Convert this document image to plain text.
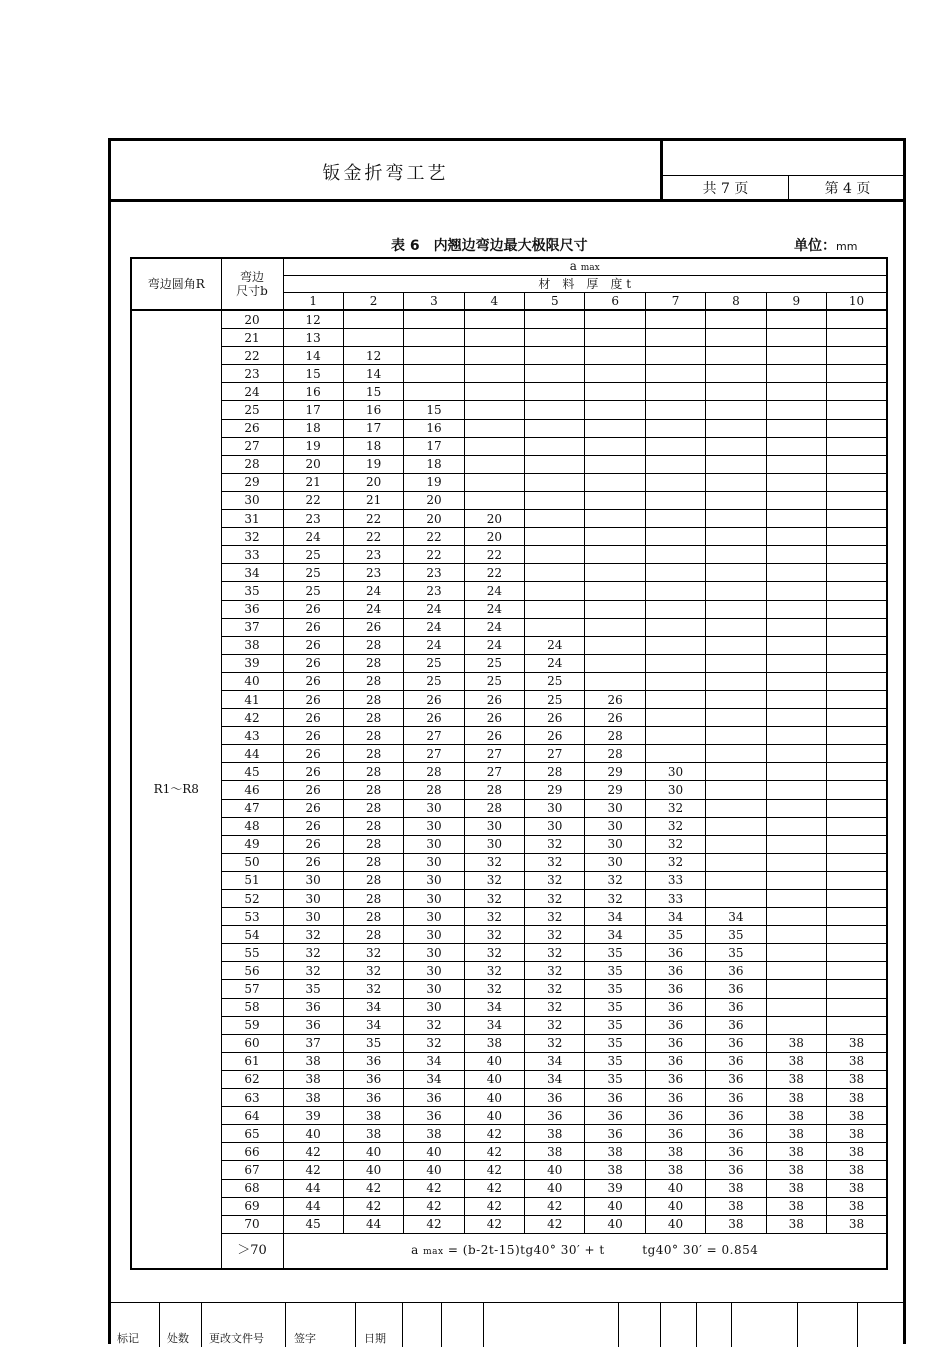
钣金折弯工艺
共 7 页	第 4 页
表 6　内翘边弯边最大极限尺寸	单位：mm
弯边圆角R	弯边
尺寸b	a max									
		材　料　厚　度 t									
		1	2	3	4	5	6	7	8	9	10
R1～R8	20	12									
	21	13									
	22	14	12								
	23	15	14								
	24	16	15								
	25	17	16	15							
	26	18	17	16							
	27	19	18	17							
	28	20	19	18							
	29	21	20	19							
	30	22	21	20							
	31	23	22	20	20						
	32	24	22	22	20						
	33	25	23	22	22						
	34	25	23	23	22						
	35	25	24	23	24						
	36	26	24	24	24						
	37	26	26	24	24						
	38	26	28	24	24	24					
	39	26	28	25	25	24					
	40	26	28	25	25	25					
	41	26	28	26	26	25	26				
	42	26	28	26	26	26	26				
	43	26	28	27	26	26	28				
	44	26	28	27	27	27	28				
	45	26	28	28	27	28	29	30			
	46	26	28	28	28	29	29	30			
	47	26	28	30	28	30	30	32			
	48	26	28	30	30	30	30	32			
	49	26	28	30	30	32	30	32			
	50	26	28	30	32	32	30	32			
	51	30	28	30	32	32	32	33			
	52	30	28	30	32	32	32	33			
	53	30	28	30	32	32	34	34	34		
	54	32	28	30	32	32	34	35	35		
	55	32	32	30	32	32	35	36	35		
	56	32	32	30	32	32	35	36	36		
	57	35	32	30	32	32	35	36	36		
	58	36	34	30	34	32	35	36	36		
	59	36	34	32	34	32	35	36	36		
	60	37	35	32	38	32	35	36	36	38	38
	61	38	36	34	40	34	35	36	36	38	38
	62	38	36	34	40	34	35	36	36	38	38
	63	38	36	36	40	36	36	36	36	38	38
	64	39	38	36	40	36	36	36	36	38	38
	65	40	38	38	42	38	36	36	36	38	38
	66	42	40	40	42	38	38	38	36	38	38
	67	42	40	40	42	40	38	38	36	38	38
	68	44	42	42	42	40	39	40	38	38	38
	69	44	42	42	42	42	40	40	38	38	38
	70	45	44	42	42	42	40	40	38	38	38
	＞70	a max = (b-2t-15)tg40° 30′ + t　　　tg40° 30′ = 0.854									
标记	处数 更改文件号	签字	日期
